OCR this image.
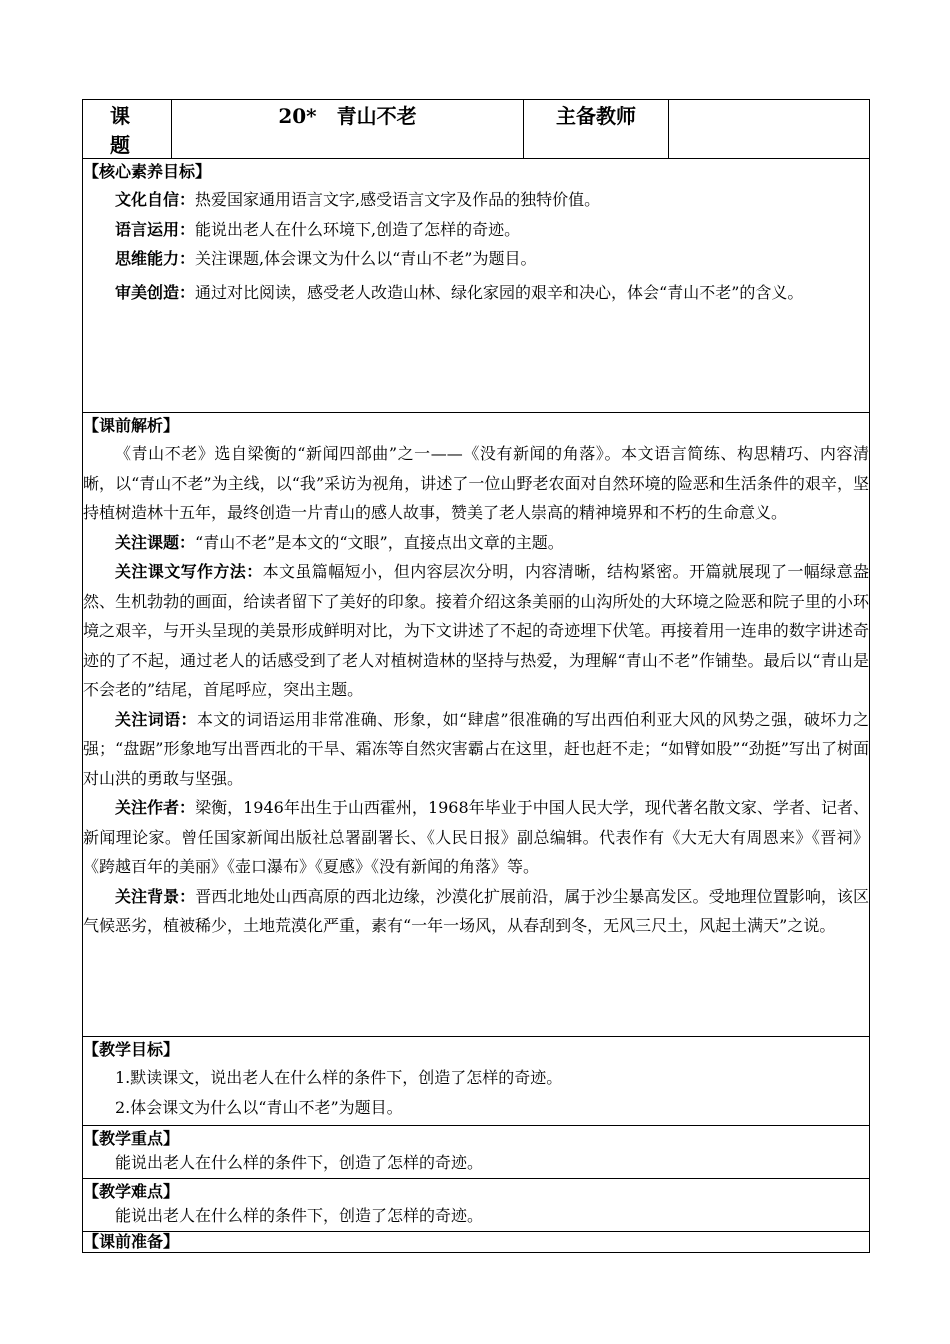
课 题	20*　青山不老	主备教师	

【核心素养目标】

文化自信：热爱国家通用语言文字,感受语言文字及作品的独特价值。

语言运用：能说出老人在什么环境下,创造了怎样的奇迹。

思维能力：关注课题,体会课文为什么以“青山不老”为题目。

审美创造：通过对比阅读，感受老人改造山林、绿化家园的艰辛和决心，体会“青山不老”的含义。

【课前解析】

《青山不老》选自梁衡的“新闻四部曲”之一——《没有新闻的角落》。本文语言简练、构思精巧、内容清晰，以“青山不老”为主线，以“我”采访为视角，讲述了一位山野老农面对自然环境的险恶和生活条件的艰辛，坚持植树造林十五年，最终创造一片青山的感人故事，赞美了老人崇高的精神境界和不朽的生命意义。

关注课题：“青山不老”是本文的“文眼”，直接点出文章的主题。

关注课文写作方法：本文虽篇幅短小，但内容层次分明，内容清晰，结构紧密。开篇就展现了一幅绿意盎然、生机勃勃的画面，给读者留下了美好的印象。接着介绍这条美丽的山沟所处的大环境之险恶和院子里的小环境之艰辛，与开头呈现的美景形成鲜明对比，为下文讲述了不起的奇迹埋下伏笔。再接着用一连串的数字讲述奇迹的了不起，通过老人的话感受到了老人对植树造林的坚持与热爱，为理解“青山不老”作铺垫。最后以“青山是不会老的”结尾，首尾呼应，突出主题。

关注词语：本文的词语运用非常准确、形象，如“肆虐”很准确的写出西伯利亚大风的风势之强，破坏力之强；“盘踞”形象地写出晋西北的干旱、霜冻等自然灾害霸占在这里，赶也赶不走；“如臂如股”“劲挺”写出了树面对山洪的勇敢与坚强。

关注作者：梁衡，1946年出生于山西霍州，1968年毕业于中国人民大学，现代著名散文家、学者、记者、新闻理论家。曾任国家新闻出版社总署副署长、《人民日报》副总编辑。代表作有《大无大有周恩来》《晋祠》《跨越百年的美丽》《壶口瀑布》《夏感》《没有新闻的角落》等。

关注背景：晋西北地处山西高原的西北边缘，沙漠化扩展前沿，属于沙尘暴高发区。受地理位置影响，该区气候恶劣，植被稀少，土地荒漠化严重，素有“一年一场风，从春刮到冬，无风三尺土，风起土满天”之说。

【教学目标】

1.默读课文，说出老人在什么样的条件下，创造了怎样的奇迹。

2.体会课文为什么以“青山不老”为题目。

【教学重点】

能说出老人在什么样的条件下，创造了怎样的奇迹。

【教学难点】

能说出老人在什么样的条件下，创造了怎样的奇迹。

【课前准备】
